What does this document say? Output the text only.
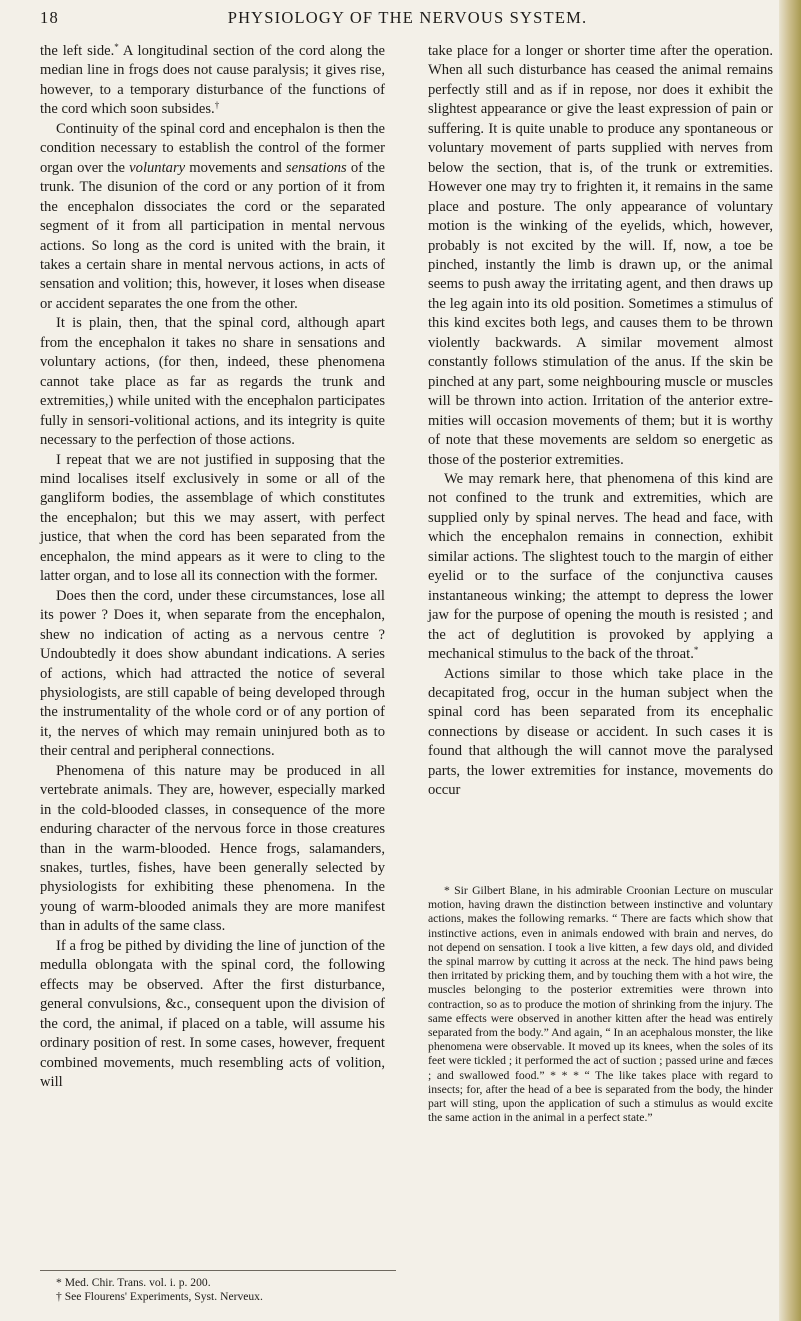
18	PHYSIOLOGY OF THE NERVOUS SYSTEM.

the left side.* A longitudinal section of the cord along the median line in frogs does not cause paralysis; it gives rise, however, to a temporary disturbance of the functions of the cord which soon subsides.†

Continuity of the spinal cord and encephalon is then the condition necessary to establish the control of the former organ over the voluntary movements and sensations of the trunk. The disunion of the cord or any portion of it from the encephalon dissociates the cord or the separated segment of it from all participation in mental nervous actions. So long as the cord is united with the brain, it takes a certain share in mental nervous actions, in acts of sensation and volition; this, however, it loses when disease or accident separates the one from the other.

It is plain, then, that the spinal cord, although apart from the encephalon it takes no share in sensations and voluntary actions, (for then, indeed, these phenomena cannot take place as far as regards the trunk and extremities,) while united with the encephalon participates fully in sensori-volitional actions, and its integrity is quite necessary to the perfection of those actions.

I repeat that we are not justified in supposing that the mind localises itself exclusively in some or all of the gangliform bodies, the assemblage of which constitutes the encephalon; but this we may assert, with perfect justice, that when the cord has been separated from the encephalon, the mind appears as it were to cling to the latter organ, and to lose all its connection with the former.

Does then the cord, under these circumstances, lose all its power ? Does it, when separate from the encephalon, shew no indication of acting as a nervous centre ? Undoubtedly it does show abundant indications. A series of actions, which had attracted the notice of several physiologists, are still capable of being developed through the instrumentality of the whole cord or of any portion of it, the nerves of which may remain uninjured both as to their central and peripheral connections.

Phenomena of this nature may be produced in all vertebrate animals. They are, however, especially marked in the cold-blooded classes, in consequence of the more enduring character of the nervous force in those creatures than in the warm-blooded. Hence frogs, salamanders, snakes, turtles, fishes, have been generally selected by physiologists for exhibiting these phenomena. In the young of warm-blooded animals they are more manifest than in adults of the same class.

If a frog be pithed by dividing the line of junction of the medulla oblongata with the spinal cord, the following effects may be observed. After the first disturbance, general convulsions, &c., consequent upon the division of the cord, the animal, if placed on a table, will assume his ordinary position of rest. In some cases, however, frequent combined movements, much resembling acts of volition, will

* Med. Chir. Trans. vol. i. p. 200.
† See Flourens' Experiments, Syst. Nerveux.

take place for a longer or shorter time after the operation. When all such disturbance has ceased the animal remains perfectly still and as if in repose, nor does it exhibit the slightest appearance or give the least expression of pain or suffering. It is quite unable to produce any spontaneous or voluntary movement of parts supplied with nerves from below the section, that is, of the trunk or extremities. However one may try to frighten it, it remains in the same place and posture. The only appearance of voluntary motion is the winking of the eyelids, which, however, probably is not excited by the will. If, now, a toe be pinched, instantly the limb is drawn up, or the animal seems to push away the irritating agent, and then draws up the leg again into its old position. Sometimes a stimulus of this kind excites both legs, and causes them to be thrown violently backwards. A similar movement almost constantly follows stimulation of the anus. If the skin be pinched at any part, some neighbouring muscle or muscles will be thrown into action. Irritation of the anterior extremities will occasion movements of them; but it is worthy of note that these movements are seldom so energetic as those of the posterior extremities.

We may remark here, that phenomena of this kind are not confined to the trunk and extremities, which are supplied only by spinal nerves. The head and face, with which the encephalon remains in connection, exhibit similar actions. The slightest touch to the margin of either eyelid or to the surface of the conjunctiva causes instantaneous winking; the attempt to depress the lower jaw for the purpose of opening the mouth is resisted ; and the act of deglutition is provoked by applying a mechanical stimulus to the back of the throat.*

Actions similar to those which take place in the decapitated frog, occur in the human subject when the spinal cord has been separated from its encephalic connections by disease or accident. In such cases it is found that although the will cannot move the paralysed parts, the lower extremities for instance, movements do occur

* Sir Gilbert Blane, in his admirable Croonian Lecture on muscular motion, having drawn the distinction between instinctive and voluntary actions, makes the following remarks. “ There are facts which show that instinctive actions, even in animals endowed with brain and nerves, do not depend on sensation. I took a live kitten, a few days old, and divided the spinal marrow by cutting it across at the neck. The hind paws being then irritated by pricking them, and by touching them with a hot wire, the muscles belonging to the posterior extremities were thrown into contraction, so as to produce the motion of shrinking from the injury. The same effects were observed in another kitten after the head was entirely separated from the body.” And again, “ In an acephalous monster, the like phenomena were observable. It moved up its knees, when the soles of its feet were tickled ; it performed the act of suction ; passed urine and fæces ; and swallowed food.” * * * “ The like takes place with regard to insects; for, after the head of a bee is separated from the body, the hinder part will sting, upon the application of such a stimulus as would excite the same action in the animal in a perfect state.”
